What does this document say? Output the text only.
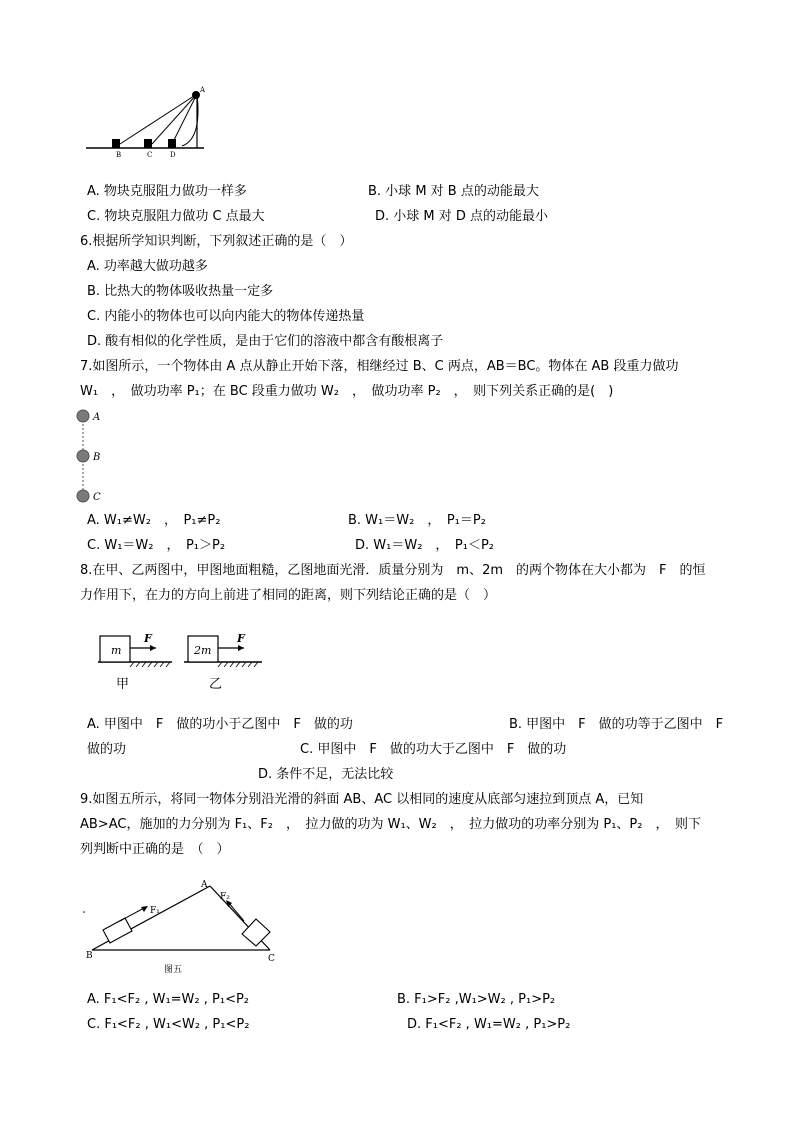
A
B	C	D
A. 物块克服阻力做功一样多	B. 小球 M 对 B 点的动能最大
C. 物块克服阻力做功 C 点最大	D. 小球 M 对 D 点的动能最小
6.根据所学知识判断，下列叙述正确的是（　）
A. 功率越大做功越多
B. 比热大的物体吸收热量一定多
C. 内能小的物体也可以向内能大的物体传递热量
D. 酸有相似的化学性质，是由于它们的溶液中都含有酸根离子
7.如图所示，一个物体由 A 点从静止开始下落，相继经过 B、C 两点，AB＝BC。物体在 AB 段重力做功
W₁　，　做功功率 P₁；在 BC 段重力做功 W₂　，　做功功率 P₂　，　则下列关系正确的是(　)
A
B
C
A. W₁≠W₂　，　P₁≠P₂	B. W₁＝W₂　，　P₁＝P₂
C. W₁＝W₂　，　P₁＞P₂	D. W₁＝W₂　，　P₁＜P₂
8.在甲、乙两图中，甲图地面粗糙，乙图地面光滑．质量分别为　m、2m　的两个物体在大小都为　F　的恒
力作用下，在力的方向上前进了相同的距离，则下列结论正确的是（　）
m
F
甲
2m
F
乙
A. 甲图中　F　做的功小于乙图中　F　做的功	B. 甲图中　F　做的功等于乙图中　F
做的功	C. 甲图中　F　做的功大于乙图中　F　做的功
D. 条件不足，无法比较
9.如图五所示，将同一物体分别沿光滑的斜面 AB、AC 以相同的速度从底部匀速拉到顶点 A，已知
AB>AC，施加的力分别为 F₁、F₂　，　拉力做的功为 W₁、W₂　，　拉力做功的功率分别为 P₁、P₂　，　则下
列判断中正确的是　（　）
F₁
F₂
A
B	C
图五
A. F₁<F₂ , W₁=W₂ , P₁<P₂	B. F₁>F₂ ,W₁>W₂ , P₁>P₂
C. F₁<F₂ , W₁<W₂ , P₁<P₂	D. F₁<F₂ , W₁=W₂ , P₁>P₂
